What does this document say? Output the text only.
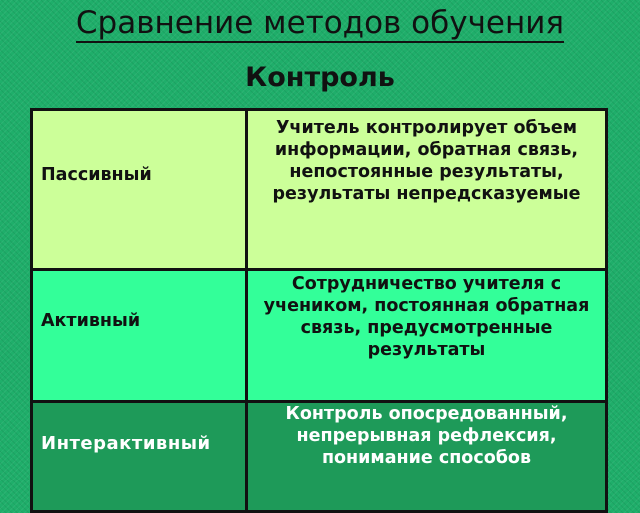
Сравнение методов обучения
Контроль
Пассивный	Учитель контролирует объем информации, обратная связь, непостоянные результаты, результаты непредсказуемые
Активный	Сотрудничество учителя с учеником, постоянная обратная связь, предусмотренные результаты
Интерактивный	Контроль опосредованный, непрерывная рефлексия, понимание способов
